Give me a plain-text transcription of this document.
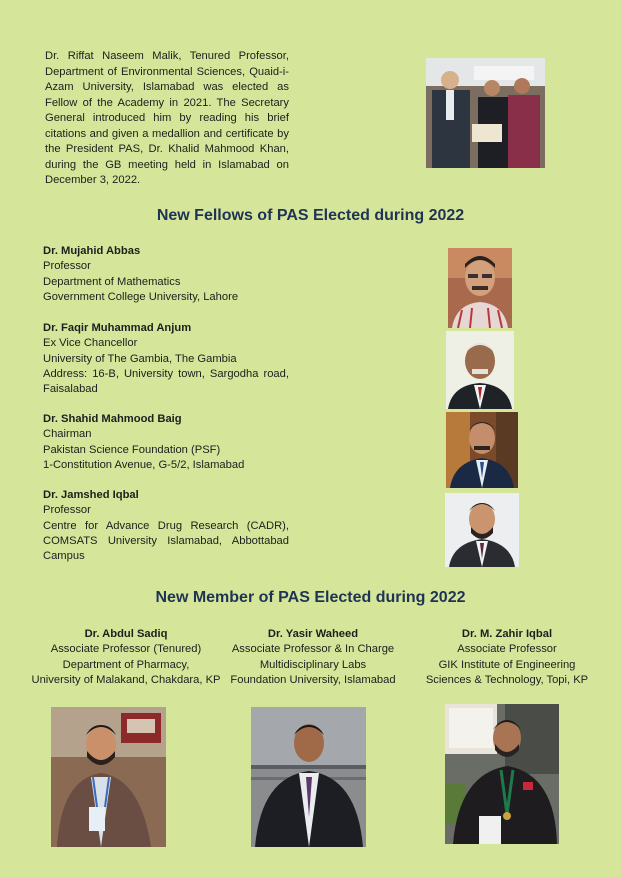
Dr. Riffat Naseem Malik, Tenured Professor, Department of Environmental Sciences, Quaid-i-Azam University, Islamabad was elected as Fellow of the Academy in 2021. The Secretary General introduced him by reading his brief citations and given a medallion and certificate by the President PAS, Dr. Khalid Mahmood Khan, during the GB meeting held in Islamabad on December 3, 2022.
New Fellows of PAS Elected during 2022
Dr. Mujahid Abbas
Professor
Department of Mathematics
Government College University, Lahore
Dr. Faqir Muhammad Anjum
Ex Vice Chancellor
University of The Gambia, The Gambia
Address: 16-B, University town, Sargodha road, Faisalabad
Dr. Shahid Mahmood Baig
Chairman
Pakistan Science Foundation (PSF)
1-Constitution Avenue, G-5/2, Islamabad
Dr. Jamshed Iqbal
Professor
Centre for Advance Drug Research (CADR), COMSATS University Islamabad, Abbottabad Campus
New Member of PAS Elected during 2022
Dr. Abdul Sadiq
Associate Professor (Tenured)
Department of Pharmacy,
University of Malakand, Chakdara, KP
Dr. Yasir Waheed
Associate Professor & In Charge
Multidisciplinary Labs
Foundation University, Islamabad
Dr. M. Zahir Iqbal
Associate Professor
GIK Institute of Engineering
Sciences & Technology, Topi, KP
